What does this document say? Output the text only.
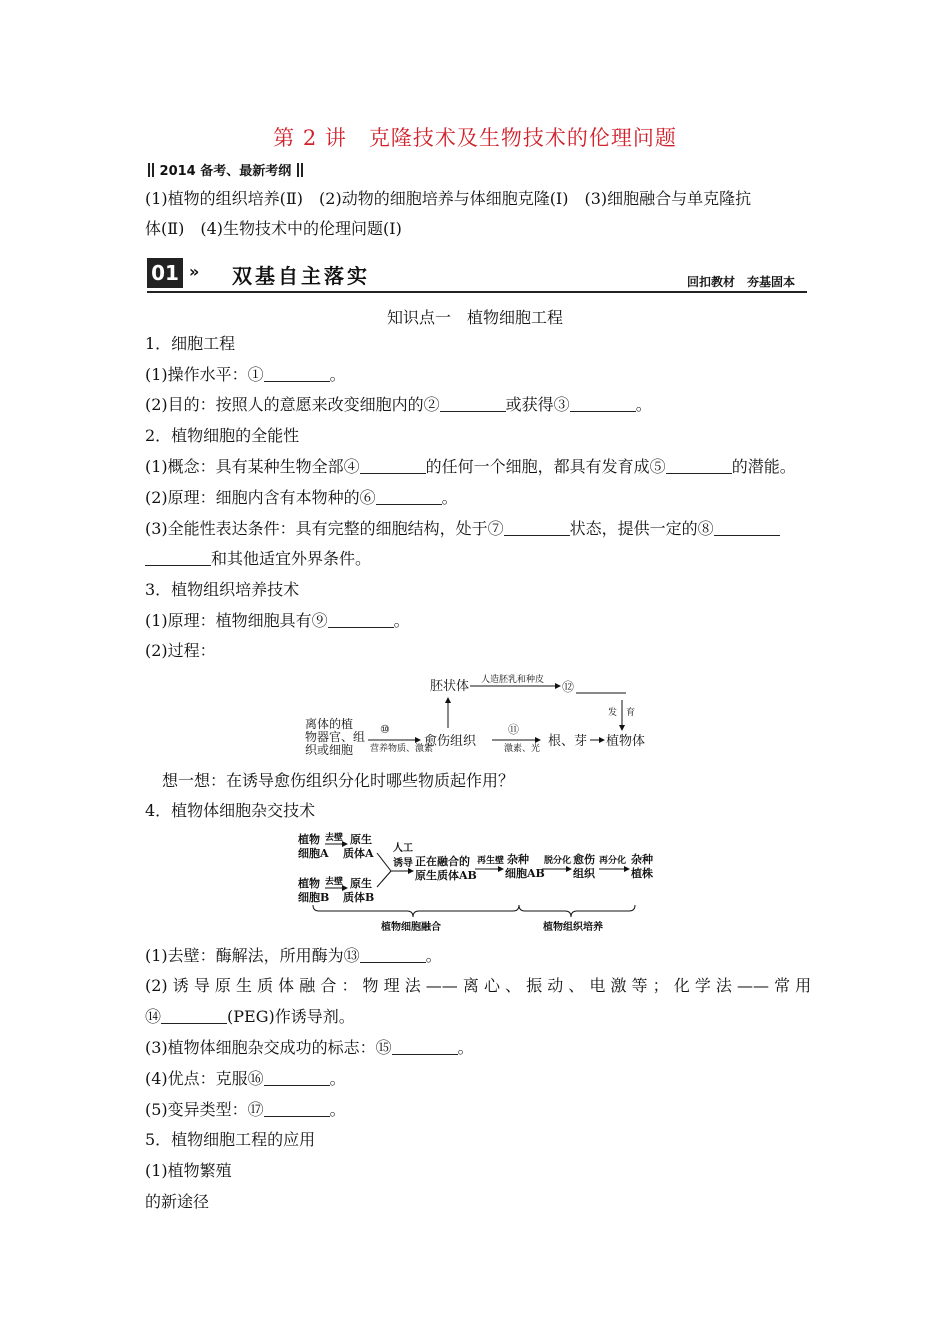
第 2 讲　克隆技术及生物技术的伦理问题
2014 备考、最新考纲
(1)植物的组织培养(Ⅱ)　(2)动物的细胞培养与体细胞克隆(Ⅰ)　(3)细胞融合与单克隆抗
体(Ⅱ)　(4)生物技术中的伦理问题(Ⅰ)
01 » 双基自主落实	回扣教材　夯基固本
知识点一　植物细胞工程
1．细胞工程
(1)操作水平：①	。
(2)目的：按照人的意愿来改变细胞内的②	或获得③	。
2．植物细胞的全能性
(1)概念：具有某种生物全部④	的任何一个细胞，都具有发育成⑤	的潜能。
(2)原理：细胞内含有本物种的⑥	。
(3)全能性表达条件：具有完整的细胞结构，处于⑦	状态，提供一定的⑧
和其他适宜外界条件。
3．植物组织培养技术
(1)原理：植物细胞具有⑨	。
(2)过程：
胚状体 人造胚乳和种皮 ⑫
发 育
离体的植
物器官、组
织或细胞
⑩
营养物质、激素
愈伤组织
⑪
激素、光 根、芽 植物体
想一想：在诱导愈伤组织分化时哪些物质起作用？
4．植物体细胞杂交技术
植物
细胞A
去壁 原生
质体A
植物
细胞B
去壁 原生
质体B
人工
诱导 正在融合的
原生质体AB
再生壁 杂种
细胞AB
脱分化 愈伤
组织
再分化 杂种
植株
植物细胞融合	植物组织培养
(1)去壁：酶解法，所用酶为⑬	。
(2) 诱 导 原 生 质 体 融 合 ： 物 理 法 —— 离 心 、 振 动 、 电 激 等 ； 化 学 法 —— 常 用
⑭	(PEG)作诱导剂。
(3)植物体细胞杂交成功的标志：⑮	。
(4)优点：克服⑯	。
(5)变异类型：⑰	。
5．植物细胞工程的应用
(1)植物繁殖
的新途径
